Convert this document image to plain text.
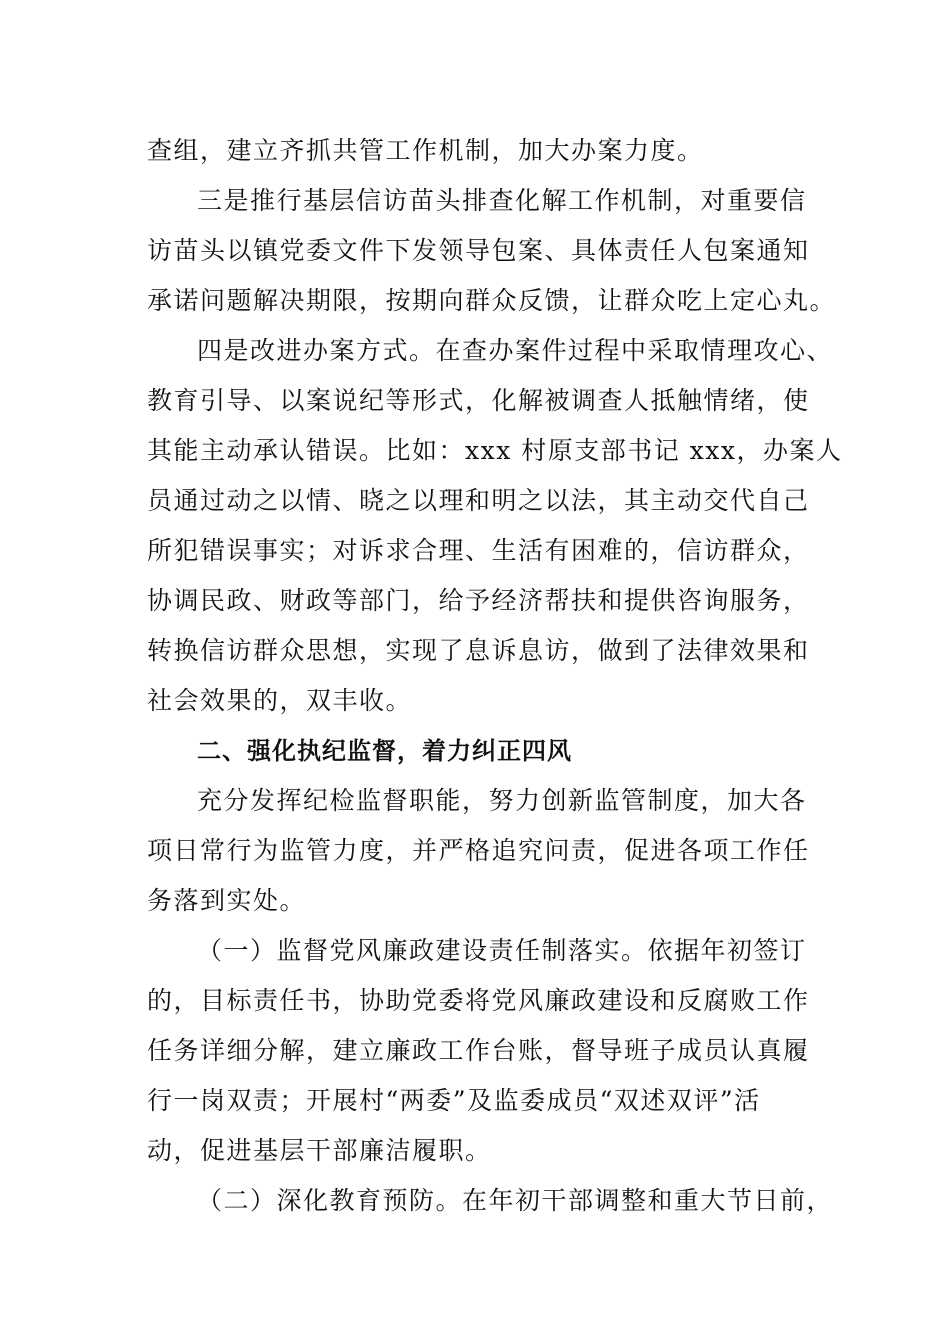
查组，建立齐抓共管工作机制，加大办案力度。
三是推行基层信访苗头排查化解工作机制，对重要信
访苗头以镇党委文件下发领导包案、具体责任人包案通知
承诺问题解决期限，按期向群众反馈，让群众吃上定心丸。
四是改进办案方式。在查办案件过程中采取情理攻心、
教育引导、以案说纪等形式，化解被调查人抵触情绪，使
其能主动承认错误。比如：xxx 村原支部书记 xxx，办案人
员通过动之以情、晓之以理和明之以法，其主动交代自己
所犯错误事实；对诉求合理、生活有困难的，信访群众，
协调民政、财政等部门，给予经济帮扶和提供咨询服务，
转换信访群众思想，实现了息诉息访，做到了法律效果和
社会效果的，双丰收。
二、强化执纪监督，着力纠正四风
充分发挥纪检监督职能，努力创新监管制度，加大各
项日常行为监管力度，并严格追究问责，促进各项工作任
务落到实处。
（一）监督党风廉政建设责任制落实。依据年初签订
的，目标责任书，协助党委将党风廉政建设和反腐败工作
任务详细分解，建立廉政工作台账，督导班子成员认真履
行一岗双责；开展村“两委”及监委成员“双述双评”活
动，促进基层干部廉洁履职。
（二）深化教育预防。在年初干部调整和重大节日前，
